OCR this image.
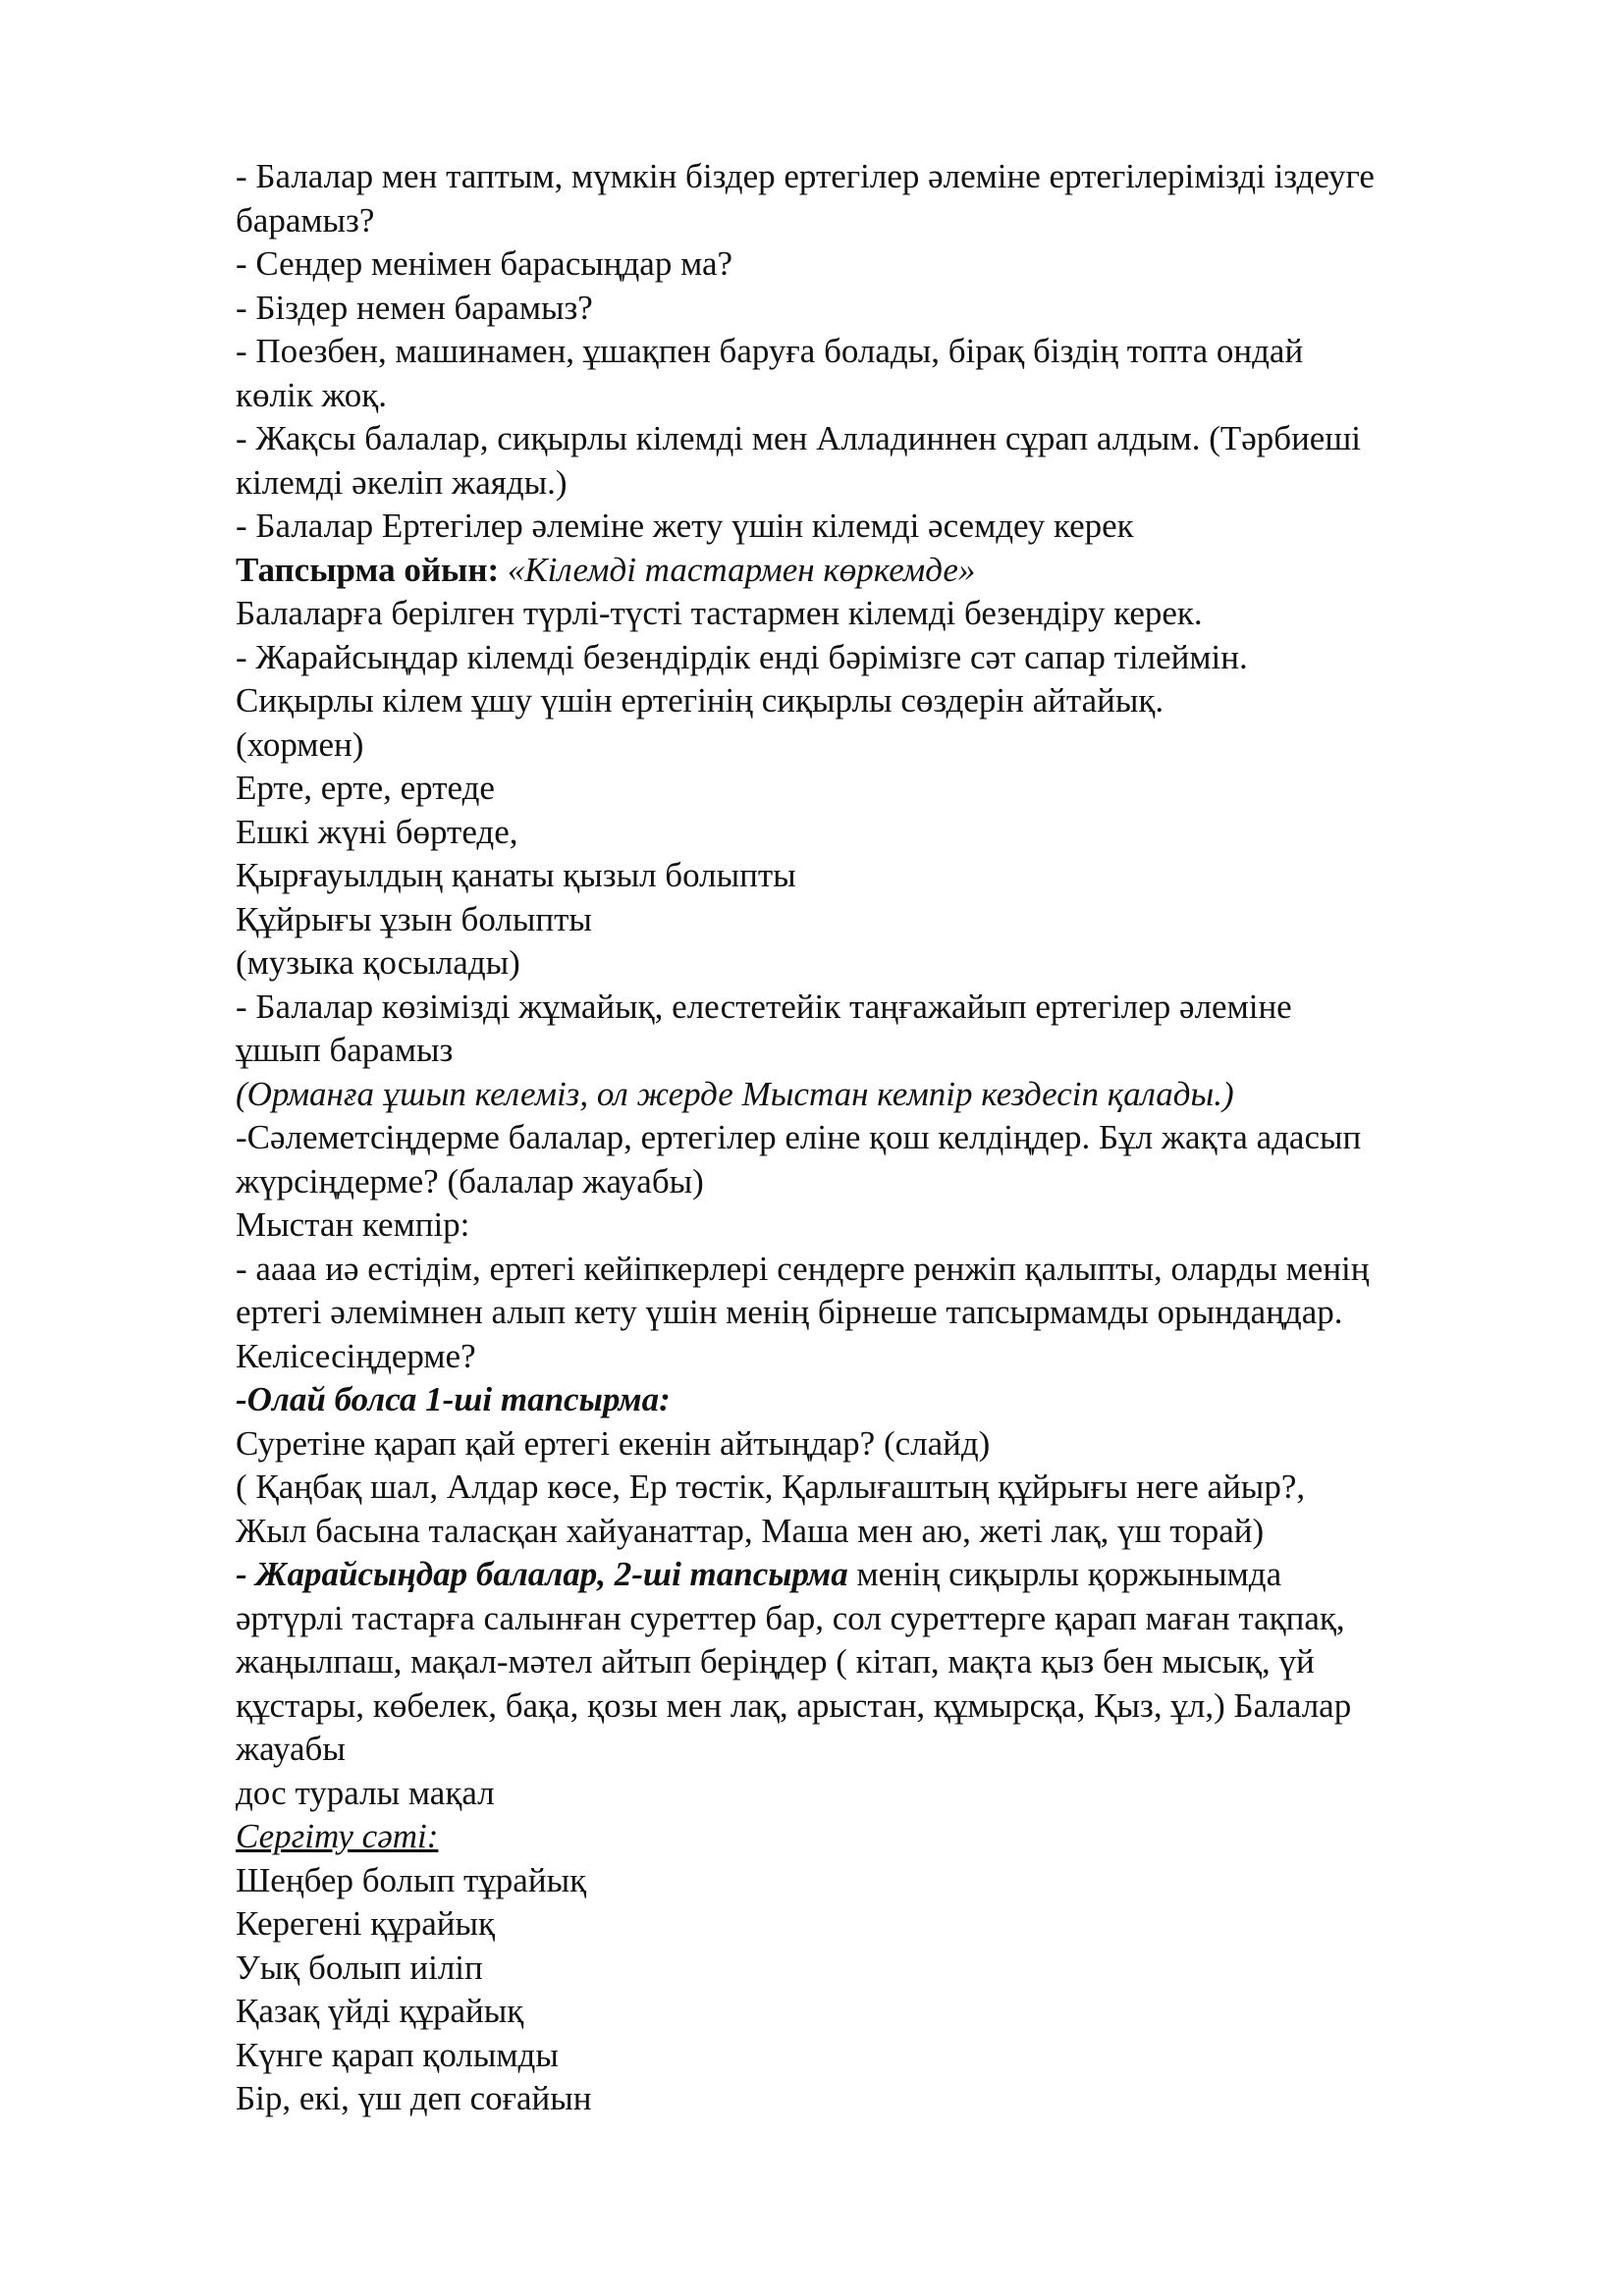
- Балалар мен таптым, мүмкін біздер ертегілер әлеміне ертегілерімізді іздеуге
барамыз?
- Сендер менімен барасыңдар ма?
- Біздер немен барамыз?
- Поезбен, машинамен, ұшақпен баруға болады, бірақ біздің топта ондай
көлік жоқ.
- Жақсы балалар, сиқырлы кілемді мен Алладиннен сұрап алдым. (Тәрбиеші
кілемді әкеліп жаяды.)
- Балалар Ертегілер әлеміне жету үшін кілемді әсемдеу керек
Тапсырма ойын: «Кілемді тастармен көркемде»
Балаларға берілген түрлі-түсті тастармен кілемді безендіру керек.
- Жарайсыңдар кілемді безендірдік енді бәрімізге сәт сапар тілеймін.
Сиқырлы кілем ұшу үшін ертегінің сиқырлы сөздерін айтайық.
(хормен)
Ерте, ерте, ертеде
Ешкі жүні бөртеде,
Қырғауылдың қанаты қызыл болыпты
Құйрығы ұзын болыпты
(музыка қосылады)
- Балалар көзімізді жұмайық, елестетейік таңғажайып ертегілер әлеміне
ұшып барамыз
(Орманға ұшып келеміз, ол жерде Мыстан кемпір кездесіп қалады.)
-Сәлеметсіңдерме балалар, ертегілер еліне қош келдіңдер. Бұл жақта адасып
жүрсіңдерме? (балалар жауабы)
Мыстан кемпір:
- аааа иә естідім, ертегі кейіпкерлері сендерге ренжіп қалыпты, оларды менің
ертегі әлемімнен алып кету үшін менің бірнеше тапсырмамды орындаңдар.
Келісесіңдерме?
-Олай болса 1-ші тапсырма:
Суретіне қарап қай ертегі екенін айтыңдар? (слайд)
( Қаңбақ шал, Алдар көсе, Ер төстік, Қарлығаштың құйрығы неге айыр?,
Жыл басына таласқан хайуанаттар, Маша мен аю, жеті лақ, үш торай)
- Жарайсыңдар балалар, 2-ші тапсырма менің сиқырлы қоржынымда
әртүрлі тастарға салынған суреттер бар, сол суреттерге қарап маған тақпақ,
жаңылпаш, мақал-мәтел айтып беріңдер ( кітап, мақта қыз бен мысық, үй
құстары, көбелек, бақа, қозы мен лақ, арыстан, құмырсқа, Қыз, ұл,) Балалар
жауабы
дос туралы мақал
Сергіту сәті:
Шеңбер болып тұрайық
Керегені құрайық
Уық болып иіліп
Қазақ үйді құрайық
Күнге қарап қолымды
Бір, екі, үш деп соғайын
